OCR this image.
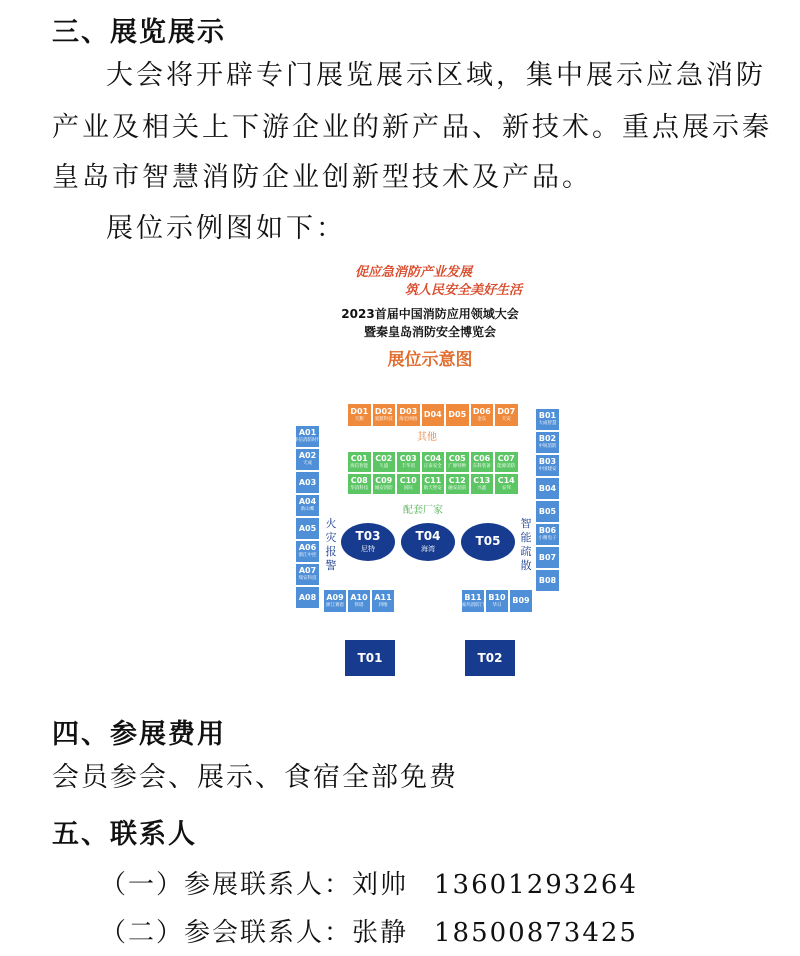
三、展览展示
大会将开辟专门展览展示区域，集中展示应急消防
产业及相关上下游企业的新产品、新技术。重点展示秦
皇岛市智慧消防企业创新型技术及产品。
展位示例图如下：
促应急消防产业发展
筑人民安全美好生活
2023首届中国消防应用领域大会
暨秦皇岛消防安全博览会
展位示意图
其他
配套厂家
火灾报警
智能疏散
D01
天鹅
D02
爱默科技
D03
海宏网络
D04 D05 D06
金东
D07
天安
C01
海信智能
C02
久盛
C03
丰华消
C04
正泰安全
C05
广源特种
C06
东科装备
C07
能源消防
C08
华消科技
C09
城安消防
C10
国际
C11
航天智安
C12
融安超前
C13
兴鑫
C14
安邦
A01
华信消防时代
A02
天成
A03
A04
新山鹰
A05
A06
浙江中控
A07
瑞安科技
A08
B01
大成智慧
B02
中锐消防
B03
中国建安
B04
B05
B06
小精电子
B07
B08
A09
浙江赛恩
A10
铁塔
A11
四维
B11
豪玛消防门
B10
华日
B09
T03
尼特
T04
海湾
T05
T01	T02
四、参展费用
会员参会、展示、食宿全部免费
五、联系人
（一）参展联系人：刘帅 13601293264
（二）参会联系人：张静 18500873425
